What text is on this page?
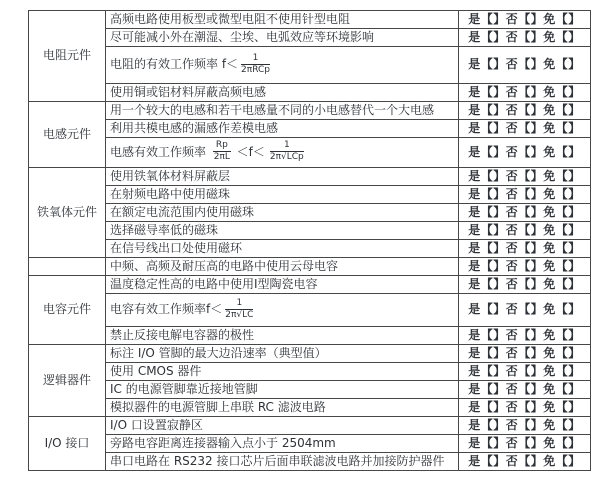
电阻元件	高频电路使用板型或微型电阻不使用针型电阻	是【】否【】免【】
	尽可能减小外在潮湿、尘埃、电弧效应等环境影响	是【】否【】免【】
	电阻的有效工作频率 $f< \frac{1}{\text{2πRCp}}$	是【】否【】免【】
	使用铜或铝材料屏蔽高频电感	是【】否【】免【】
电感元件	用一个较大的电感和若干电感量不同的小电感替代一个大电感	是【】否【】免【】
	利用共模电感的漏感作差模电感	是【】否【】免【】
电感有效工作频率 $\frac{Rp}{2\pi L} <f< \frac{1}{\text{2π√LCp}}$	是【】否【】免【】
铁氧体元件	使用铁氧体材料屏蔽层	是【】否【】免【】
	在射频电路中使用磁珠	是【】否【】免【】
	在额定电流范围内使用磁珠	是【】否【】免【】
	选择磁导率低的磁珠	是【】否【】免【】
	在信号线出口处使用磁环	是【】否【】免【】
	中频、高频及耐压高的电路中使用云母电容	是【】否【】免【】
电容元件	温度稳定性高的电路中使用Ⅰ型陶瓷电容	是【】否【】免【】
	电容有效工作频率$f< \frac{1}{2\pi√LC}$	是【】否【】免【】
	禁止反接电解电容器的极性	是【】否【】免【】
逻辑器件	标注 I/O 管脚的最大边沿速率（典型值）	是【】否【】免【】
	使用 CMOS 器件	是【】否【】免【】
	IC 的电源管脚靠近接地管脚	是【】否【】免【】
	模拟器件的电源管脚上串联 RC 滤波电路	是【】否【】免【】
I/O 接口	I/O 口设置寂静区	是【】否【】免【】
	旁路电容距离连接器输入点小于 2504mm	是【】否【】免【】
	串口电路在 RS232 接口芯片后面串联滤波电路并加接防护器件	是【】否【】免【】
